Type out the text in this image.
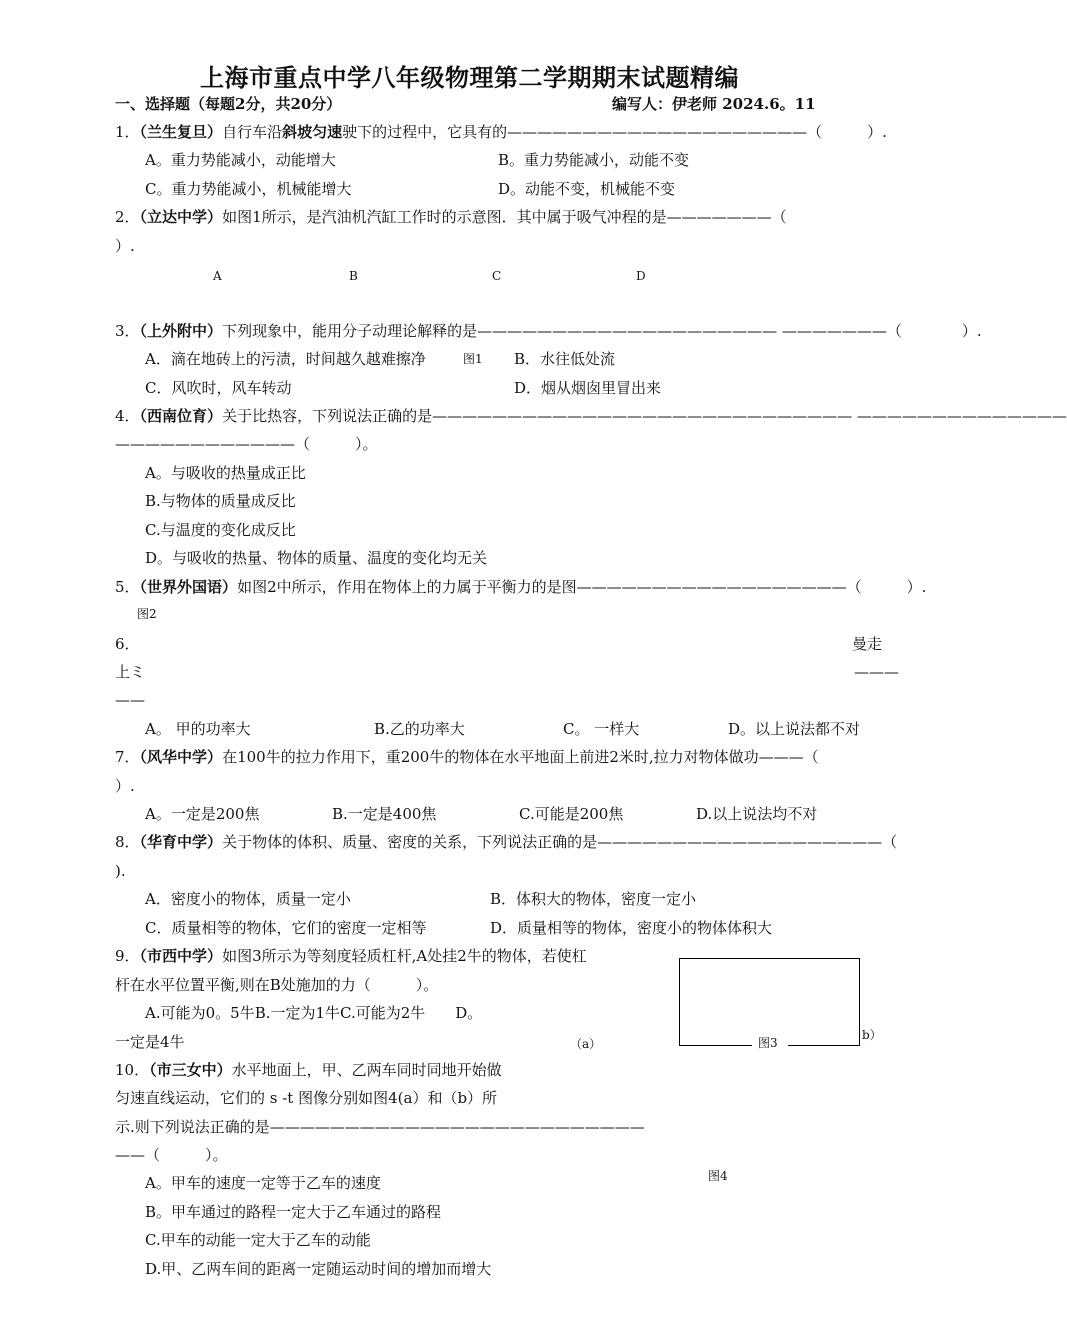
上海市重点中学八年级物理第二学期期末试题精编
一、选择题（每题2分，共20分）	编写人：伊老师 2024.6。11
1．（兰生复旦）自行车沿斜坡匀速驶下的过程中，它具有的————————————————————（　　　）.
A。重力势能减小，动能增大	B。重力势能减小，动能不变
C。重力势能减小，机械能增大	D。动能不变，机械能不变
2．（立达中学）如图1所示，是汽油机汽缸工作时的示意图．其中属于吸气冲程的是———————（
）.
A	B	C	D
3．（上外附中）下列现象中，能用分子动理论解释的是———————————————————— ———————（　　　　）.
A．滴在地砖上的污渍，时间越久越难擦净	图1 B．水往低处流
C．风吹时，风车转动	D．烟从烟囱里冒出来
4．（西南位育）关于比热容，下列说法正确的是———————————————————————————— ——————————————
————————————（　　　）。
A。与吸收的热量成正比
B.与物体的质量成反比
C.与温度的变化成反比
D。与吸收的热量、物体的质量、温度的变化均无关
5．（世界外国语）如图2中所示，作用在物体上的力属于平衡力的是图——————————————————（　　　）.
图2
6．	曼走
上ミ	———
——
A。 甲的功率大	B.乙的功率大	C。 一样大	D。以上说法都不对
7．（风华中学）在100牛的拉力作用下，重200牛的物体在水平地面上前进2米时,拉力对物体做功———（
）.
A。一定是200焦	B.一定是400焦	C.可能是200焦	D.以上说法均不对
8．（华育中学）关于物体的体积、质量、密度的关系，下列说法正确的是———————————————————（
).
A．密度小的物体，质量一定小	B．体积大的物体，密度一定小
C．质量相等的物体，它们的密度一定相等	D．质量相等的物体，密度小的物体体积大
9．（市西中学）如图3所示为等刻度轻质杠杆,A处挂2牛的物体，若使杠
杆在水平位置平衡,则在B处施加的力（　　　）。
A.可能为0。5牛B.一定为1牛C.可能为2牛　　D。
一定是4牛	（a）	图3
b）
10．（市三女中）水平地面上，甲、乙两车同时同地开始做
匀速直线运动，它们的 s -t 图像分别如图4(a）和（b）所
示.则下列说法正确的是—————————————————————————
——（　　　）。
图4
A。甲车的速度一定等于乙车的速度
B。甲车通过的路程一定大于乙车通过的路程
C.甲车的动能一定大于乙车的动能
D.甲、乙两车间的距离一定随运动时间的增加而增大
